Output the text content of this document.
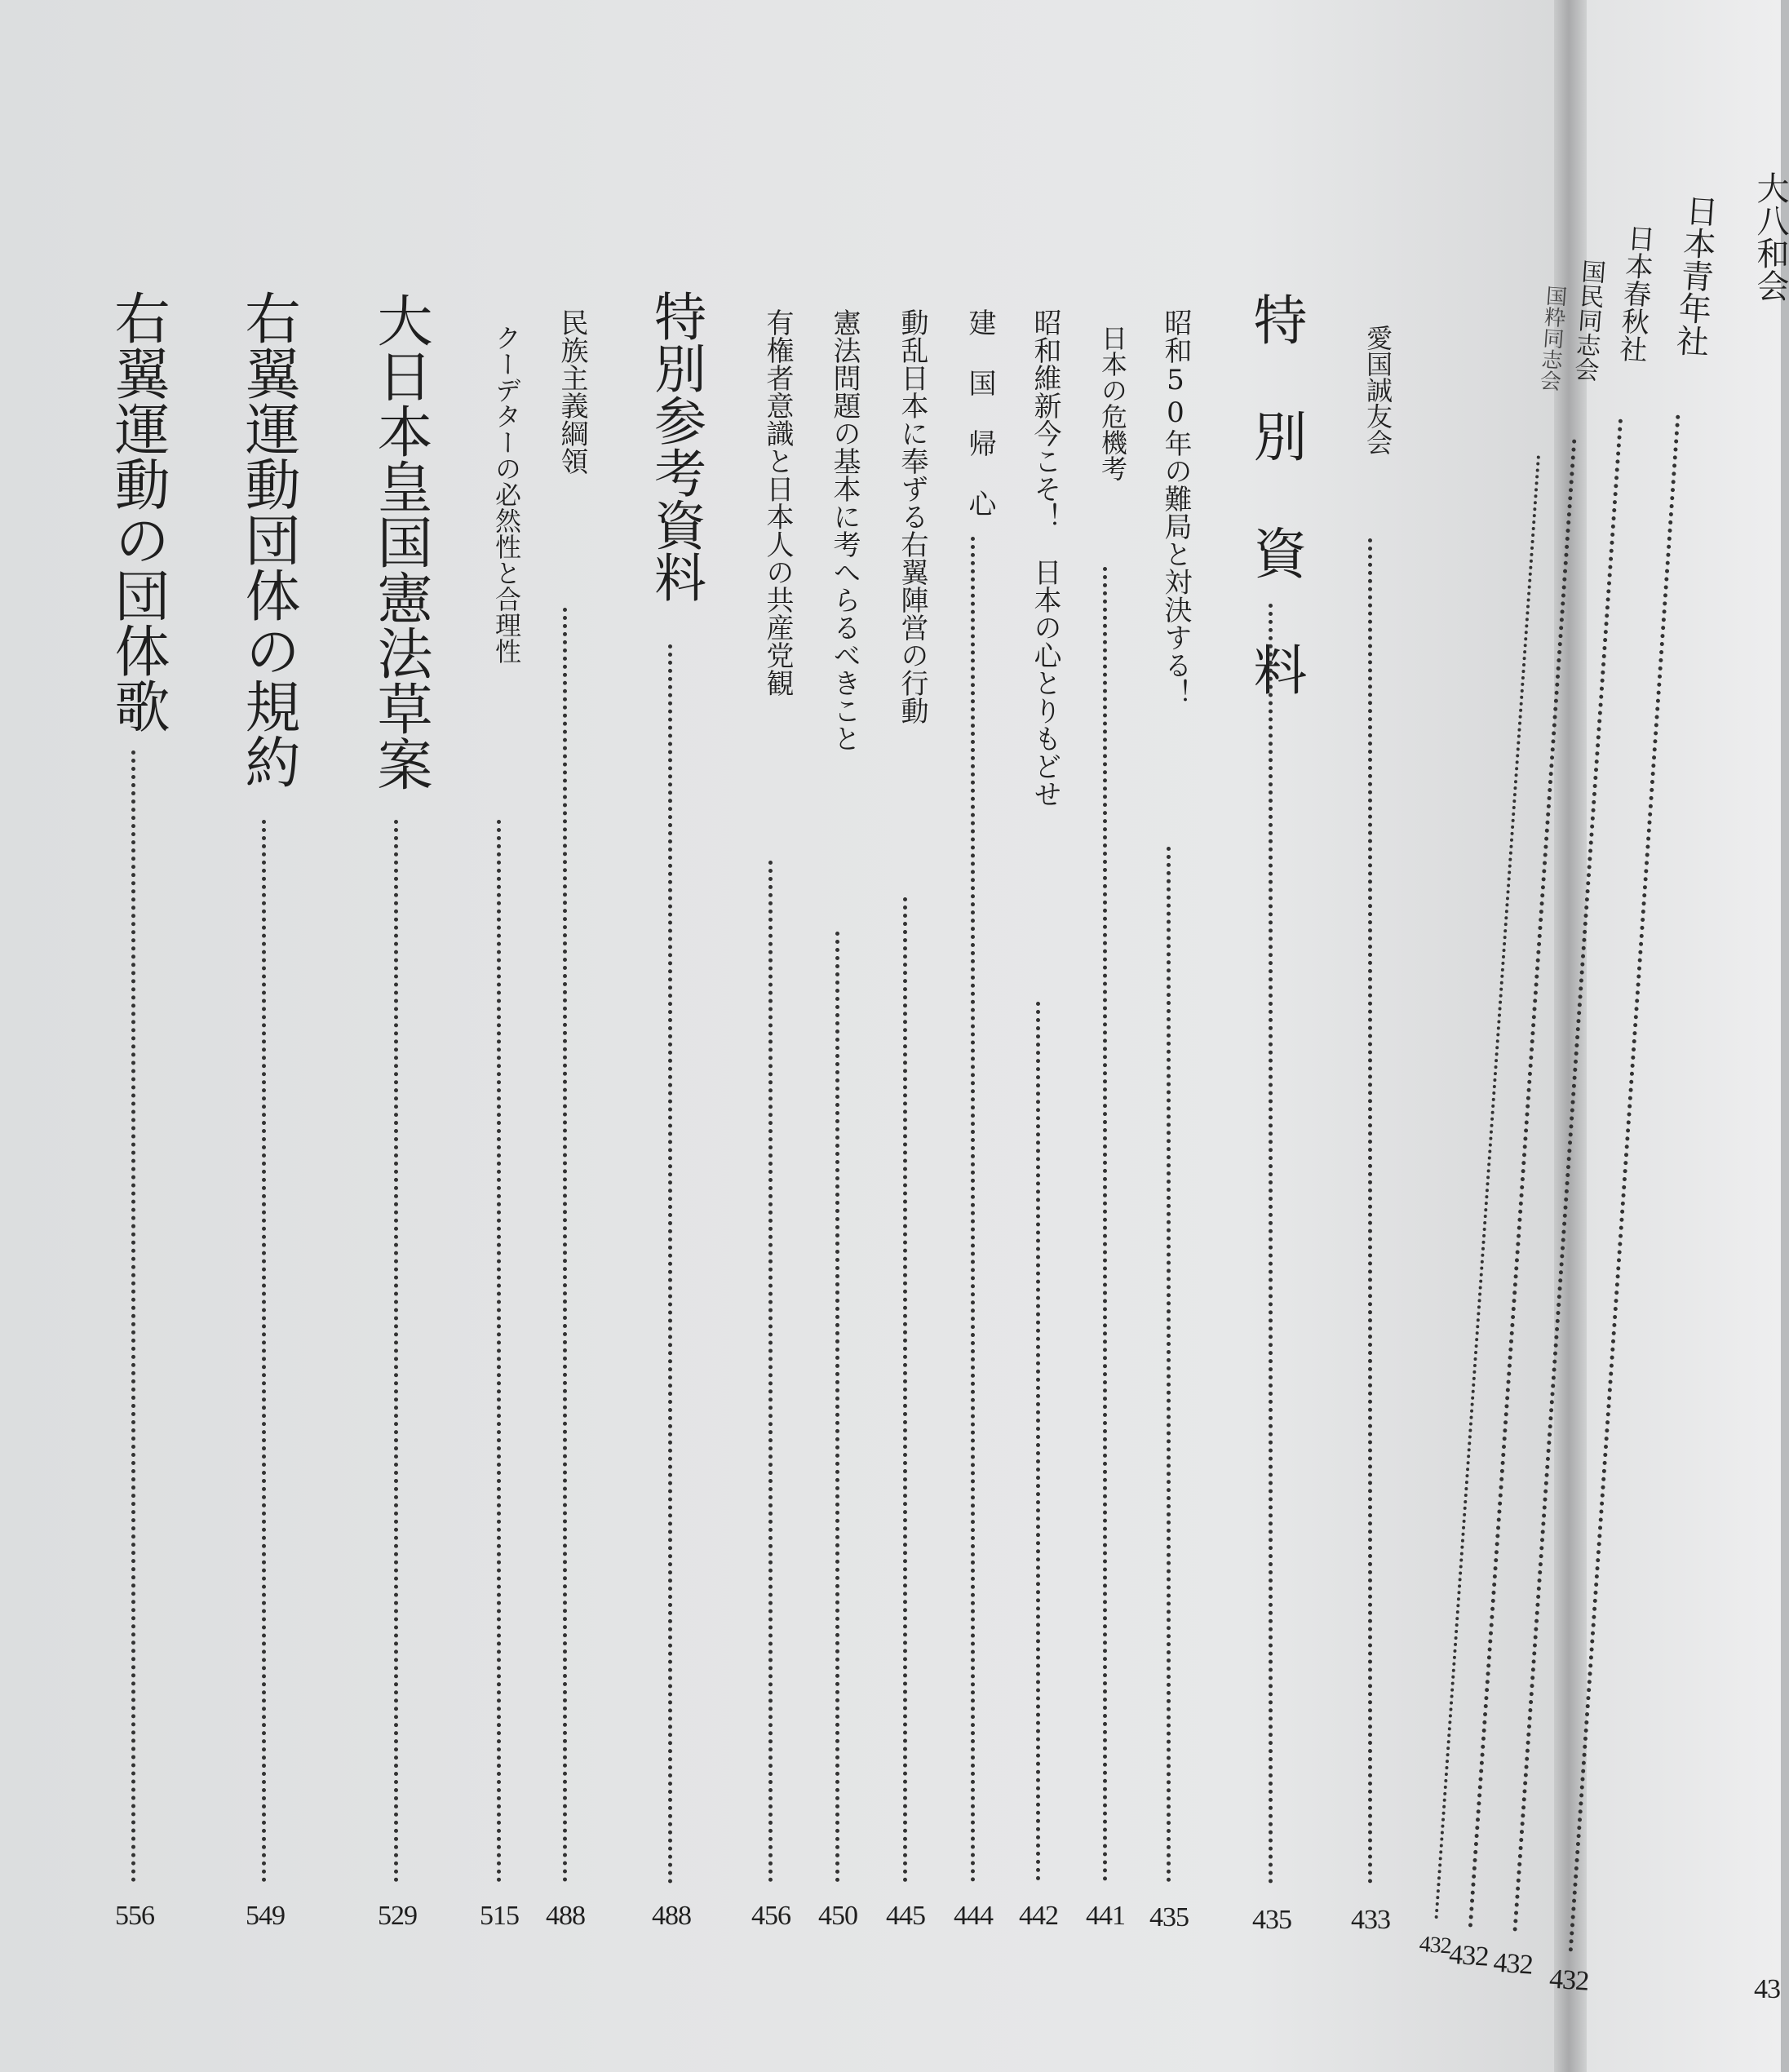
愛国誠友会
433
特 別 資 料
435
昭和50年の難局と対決する！
435
日本の危機考
441
昭和維新今こそ！　日本の心とりもどせ
442
建 国 帰 心
444
動乱日本に奉ずる右翼陣営の行動
445
憲法問題の基本に考へらるべきこと
450
有権者意識と日本人の共産党観
456
特別参考資料
488
民族主義綱領
488
クーデターの必然性と合理性
515
大日本皇国憲法草案
529
右翼運動団体の規約
549
右翼運動の団体歌
556
日本青年社
432
日本春秋社
432
国民同志会
432
国粋同志会
432
大八和会
43
